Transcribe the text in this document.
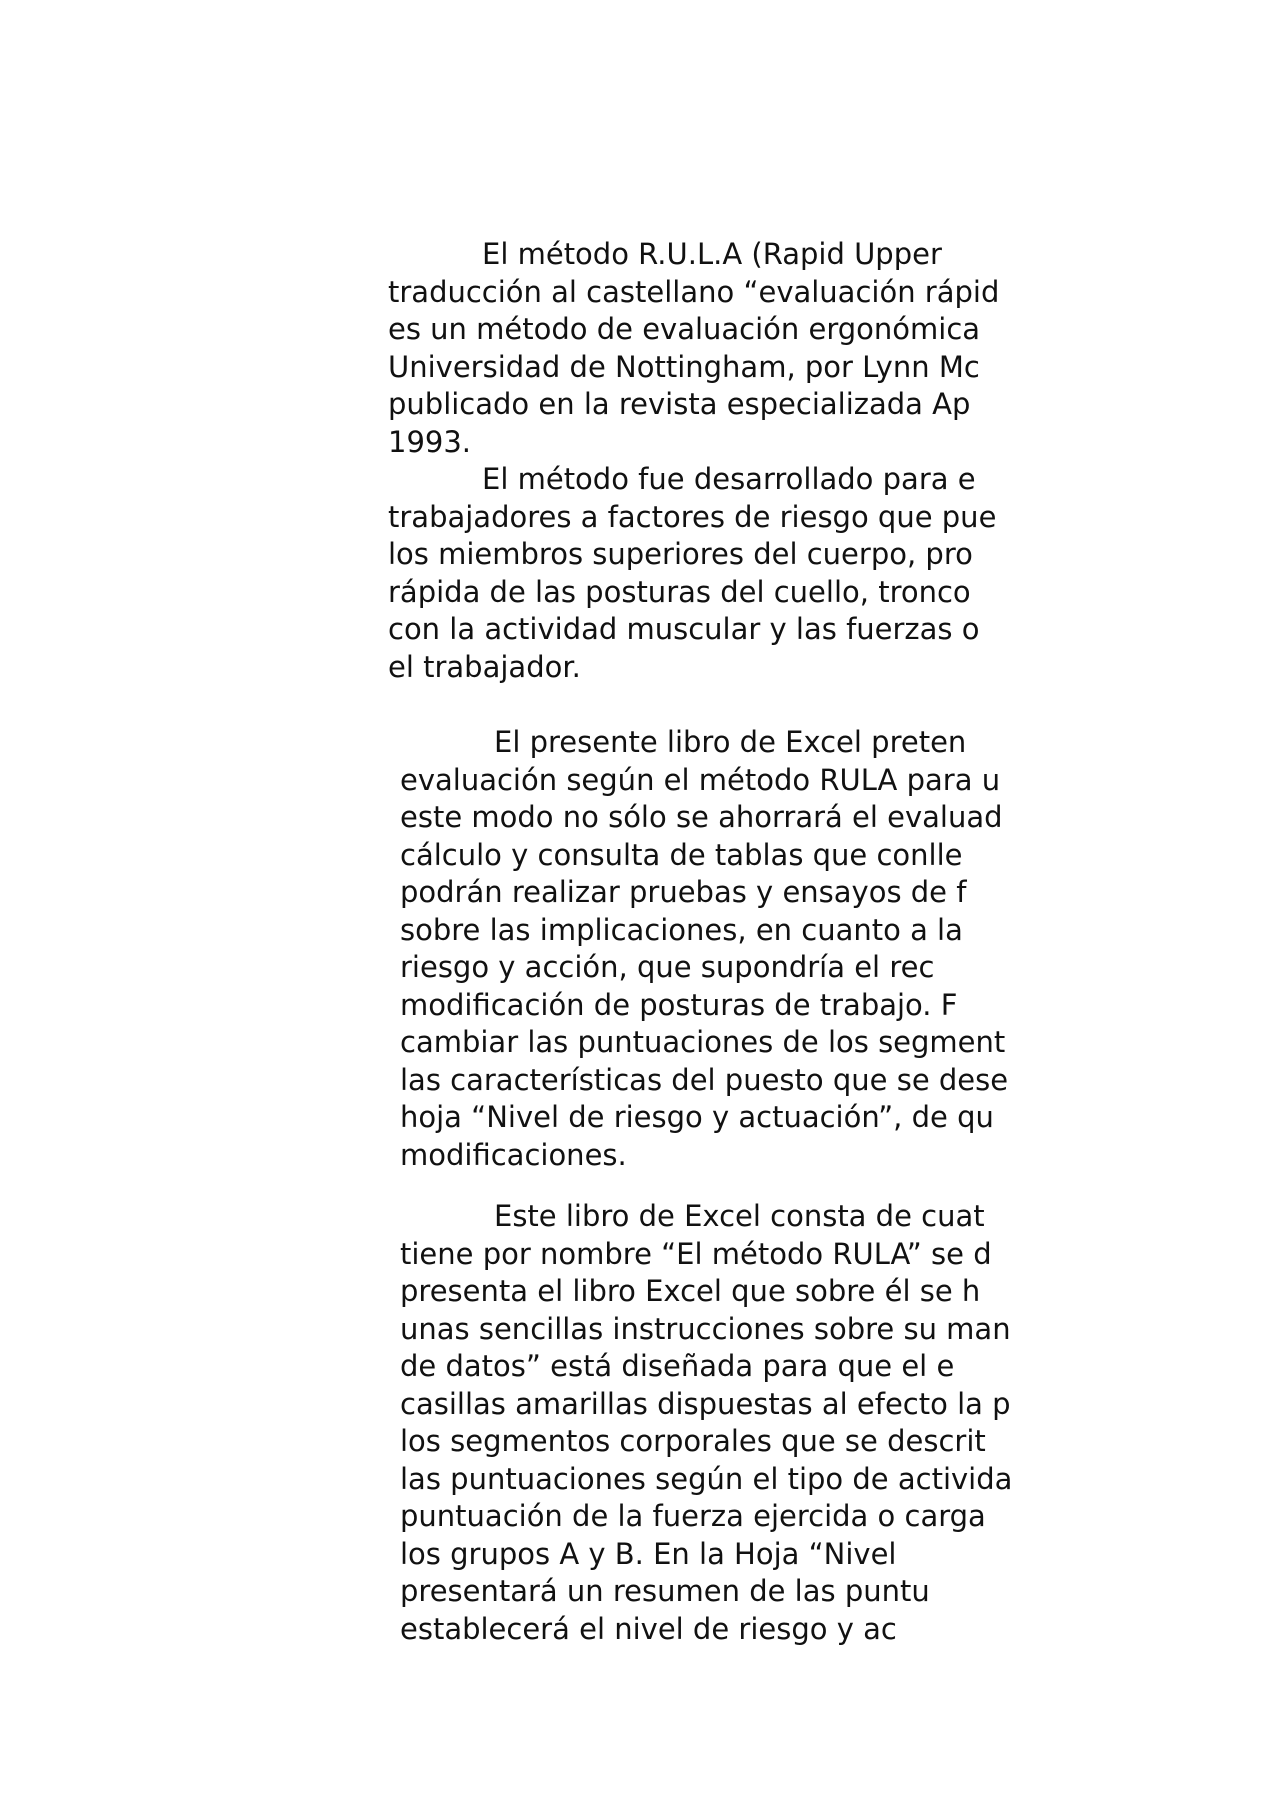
El método R.U.L.A (Rapid Upper
traducción al castellano “evaluación rápid
es un método de evaluación ergonómica
Universidad de Nottingham, por Lynn Mc
publicado en la revista especializada Ap
1993.
El método fue desarrollado para e
trabajadores a factores de riesgo que pue
los miembros superiores del cuerpo, pro
rápida de las posturas del cuello, tronco
con la actividad muscular y las fuerzas o
el trabajador.
El presente libro de Excel preten
evaluación según el método RULA para u
este modo no sólo se ahorrará el evaluad
cálculo y consulta de tablas que conlle
podrán realizar pruebas y ensayos de f
sobre las implicaciones, en cuanto a la
riesgo y acción, que supondría el rec
modificación de posturas de trabajo. F
cambiar las puntuaciones de los segment
las características del puesto que se dese
hoja “Nivel de riesgo y actuación”, de qu
modificaciones.
Este libro de Excel consta de cuat
tiene por nombre “El método RULA” se d
presenta el libro Excel que sobre él se h
unas sencillas instrucciones sobre su man
de datos” está diseñada para que el e
casillas amarillas dispuestas al efecto la p
los segmentos corporales que se descrit
las puntuaciones según el tipo de activida
puntuación de la fuerza ejercida o carga
los grupos A y B. En la Hoja “Nivel
presentará un resumen de las puntu
establecerá el nivel de riesgo y ac
